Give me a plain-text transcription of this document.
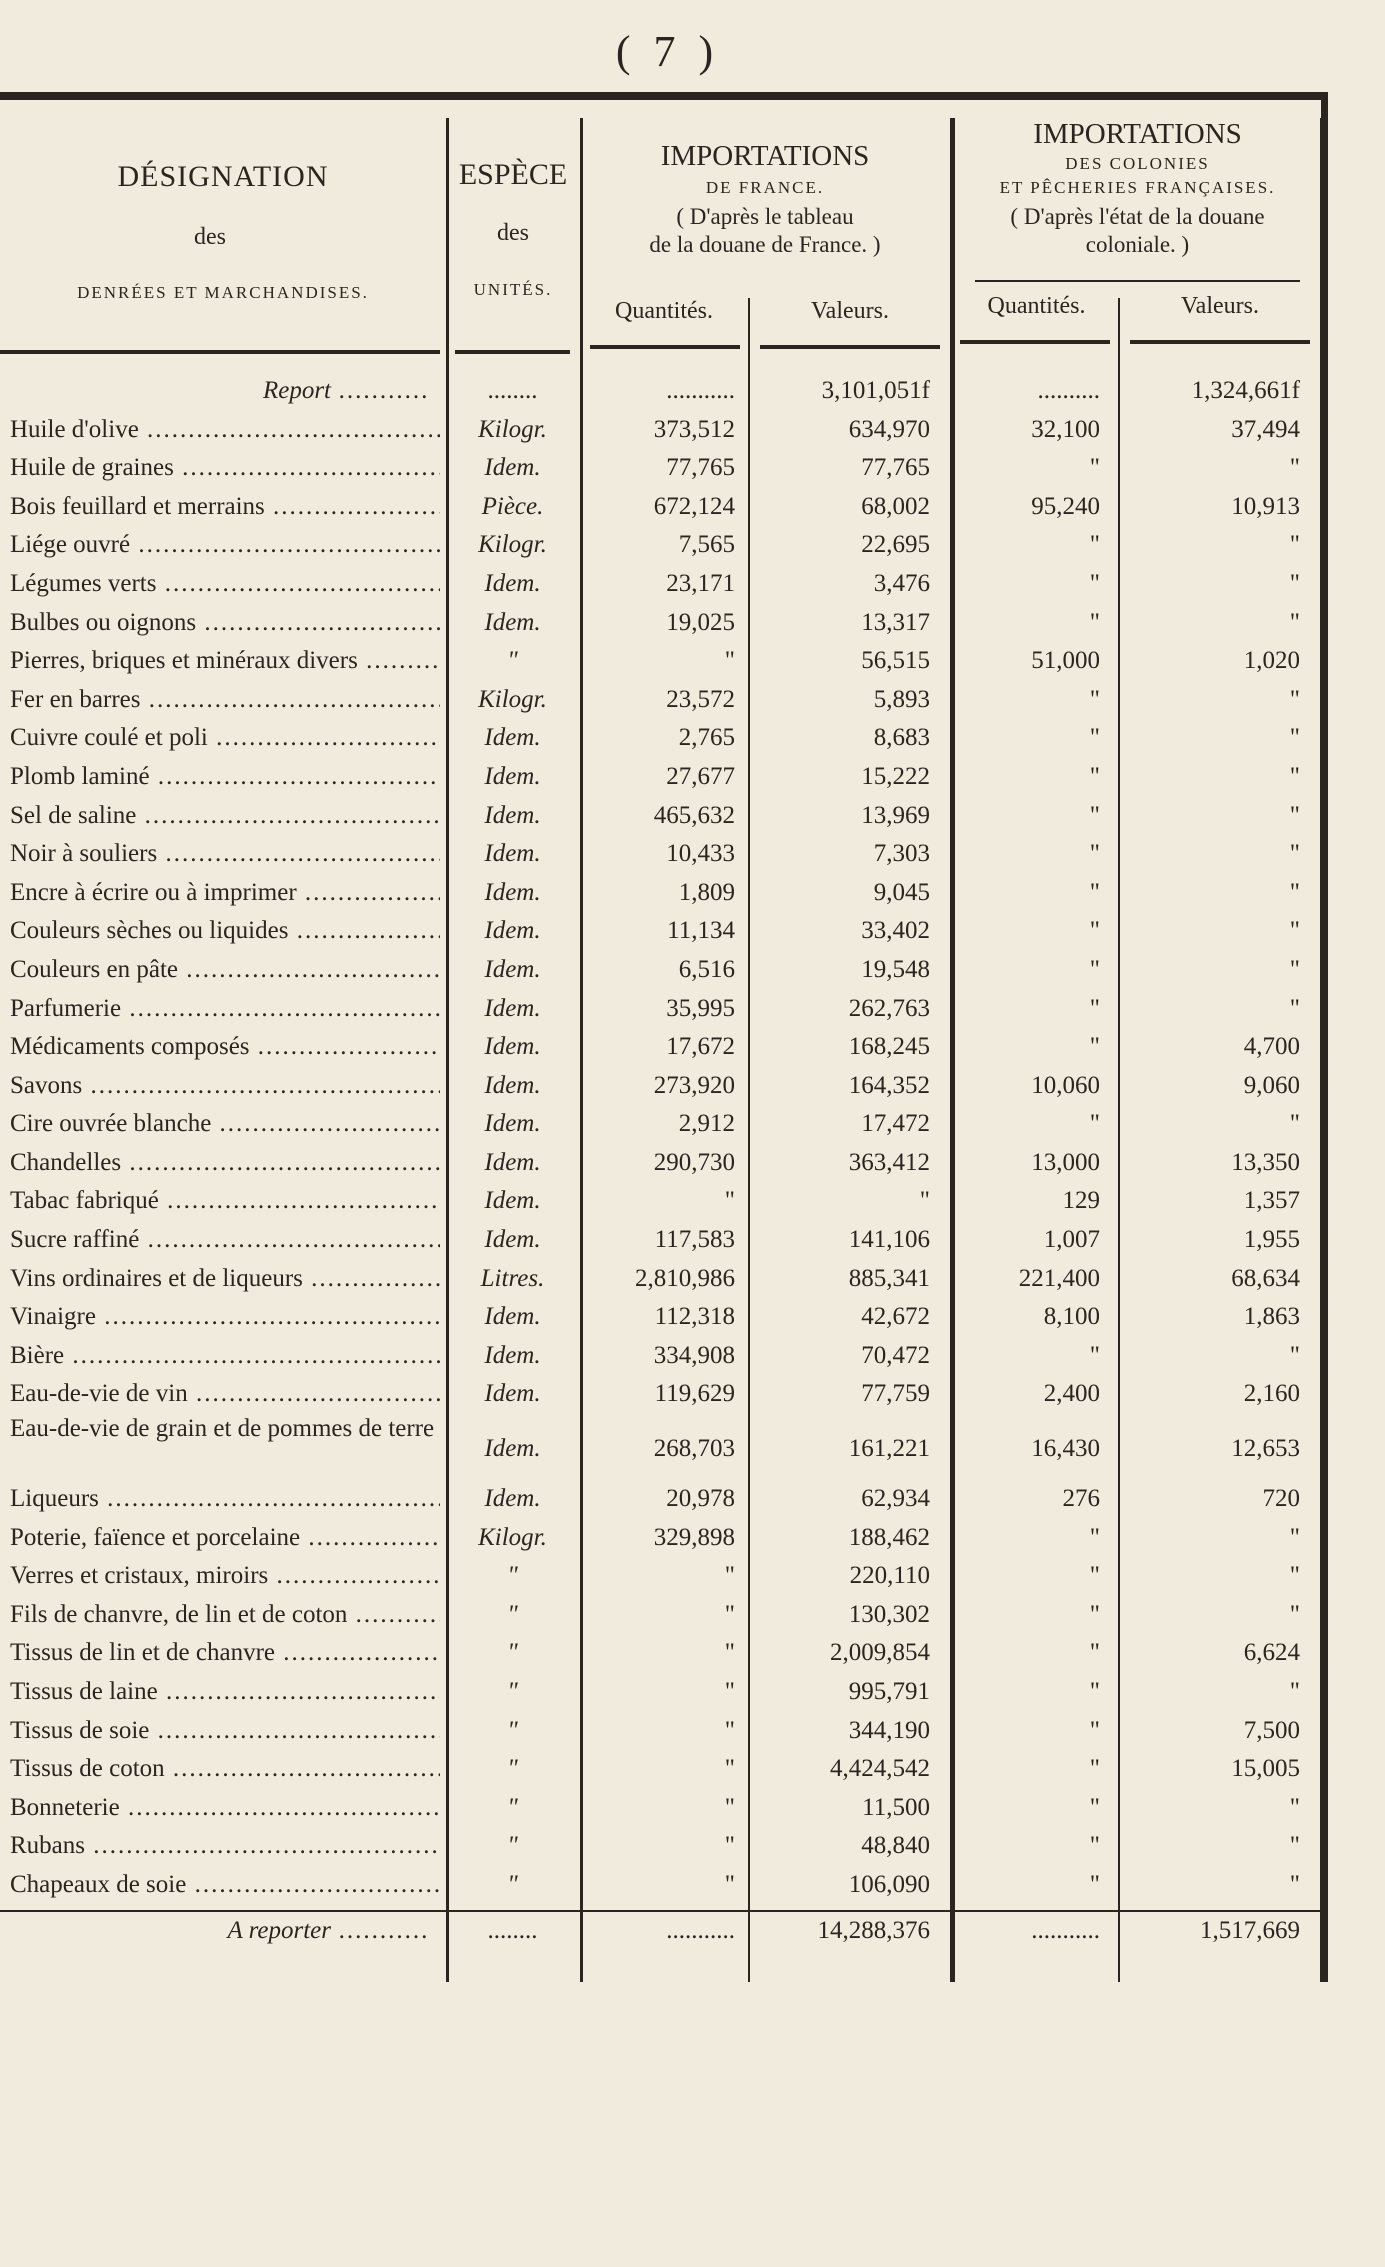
( 7 )
DÉSIGNATION
des
DENRÉES ET MARCHANDISES.
ESPÈCE
des
UNITÉS.
IMPORTATIONS
DE FRANCE.
( D'après le tableau
de la douane de France. )
Quantités.	Valeurs.
IMPORTATIONS
DES COLONIES
ET PÊCHERIES FRANÇAISES.
( D'après l'état de la douane
coloniale. )
Quantités.	Valeurs.
Report .....	........	...........	3,101,051f	..........	1,324,661f
Huile d'olive .....	Kilogr.	373,512	634,970	32,100	37,494
Huile de graines .....	Idem.	77,765	77,765	"	"
Bois feuillard et merrains .....	Pièce.	672,124	68,002	95,240	10,913
Liége ouvré .....	Kilogr.	7,565	22,695	"	"
Légumes verts .....	Idem.	23,171	3,476	"	"
Bulbes ou oignons .....	Idem.	19,025	13,317	"	"
Pierres, briques et minéraux divers .....	"	"	56,515	51,000	1,020
Fer en barres .....	Kilogr.	23,572	5,893	"	"
Cuivre coulé et poli .....	Idem.	2,765	8,683	"	"
Plomb laminé .....	Idem.	27,677	15,222	"	"
Sel de saline .....	Idem.	465,632	13,969	"	"
Noir à souliers .....	Idem.	10,433	7,303	"	"
Encre à écrire ou à imprimer .....	Idem.	1,809	9,045	"	"
Couleurs sèches ou liquides .....	Idem.	11,134	33,402	"	"
Couleurs en pâte .....	Idem.	6,516	19,548	"	"
Parfumerie .....	Idem.	35,995	262,763	"	"
Médicaments composés .....	Idem.	17,672	168,245	"	4,700
Savons .....	Idem.	273,920	164,352	10,060	9,060
Cire ouvrée blanche .....	Idem.	2,912	17,472	"	"
Chandelles .....	Idem.	290,730	363,412	13,000	13,350
Tabac fabriqué .....	Idem.	"	"	129	1,357
Sucre raffiné .....	Idem.	117,583	141,106	1,007	1,955
Vins ordinaires et de liqueurs .....	Litres.	2,810,986	885,341	221,400	68,634
Vinaigre .....	Idem.	112,318	42,672	8,100	1,863
Bière .....	Idem.	334,908	70,472	"	"
Eau-de-vie de vin .....	Idem.	119,629	77,759	2,400	2,160
Eau-de-vie de grain et de pommes de terre
Idem.	268,703	161,221	16,430	12,653
Liqueurs .....	Idem.	20,978	62,934	276	720
Poterie, faïence et porcelaine .....	Kilogr.	329,898	188,462	"	"
Verres et cristaux, miroirs .....	"	"	220,110	"	"
Fils de chanvre, de lin et de coton .....	"	"	130,302	"	"
Tissus de lin et de chanvre .....	"	"	2,009,854	"	6,624
Tissus de laine .....	"	"	995,791	"	"
Tissus de soie .....	"	"	344,190	"	7,500
Tissus de coton .....	"	"	4,424,542	"	15,005
Bonneterie .....	"	"	11,500	"	"
Rubans .....	"	"	48,840	"	"
Chapeaux de soie .....	"	"	106,090	"	"
A reporter .....	........	...........	14,288,376	...........	1,517,669
